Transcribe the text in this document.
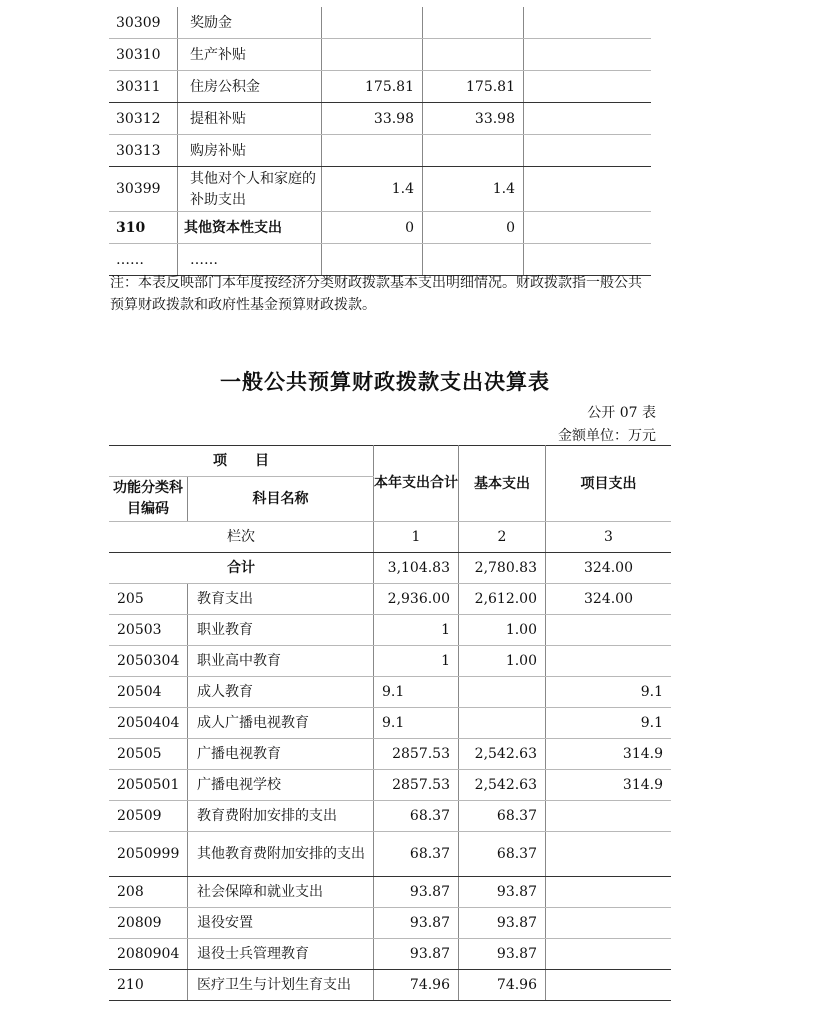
30309	奖励金			
30310	生产补贴			
30311	住房公积金	175.81	175.81	
30312	提租补贴	33.98	33.98	
30313	购房补贴			
30399	其他对个人和家庭的补助支出	1.4	1.4	
310	其他资本性支出	0	0	
……	……			
注：本表反映部门本年度按经济分类财政拨款基本支出明细情况。财政拨款指一般公共预算财政拨款和政府性基金预算财政拨款。
一般公共预算财政拨款支出决算表
公开 07 表
金额单位：万元
项　　目		本年支出合计	基本支出	项目支出
功能分类科目编码	科目名称			
栏次		1	2	3
合计		3,104.83	2,780.83	324.00
205	教育支出	2,936.00	2,612.00	324.00
20503	职业教育	1	1.00	
2050304	职业高中教育	1	1.00	
20504	成人教育	9.1		9.1
2050404	成人广播电视教育	9.1		9.1
20505	广播电视教育	2857.53	2,542.63	314.9
2050501	广播电视学校	2857.53	2,542.63	314.9
20509	教育费附加安排的支出	68.37	68.37	
2050999	其他教育费附加安排的支出	68.37	68.37	
208	社会保障和就业支出	93.87	93.87	
20809	退役安置	93.87	93.87	
2080904	退役士兵管理教育	93.87	93.87	
210	医疗卫生与计划生育支出	74.96	74.96	
